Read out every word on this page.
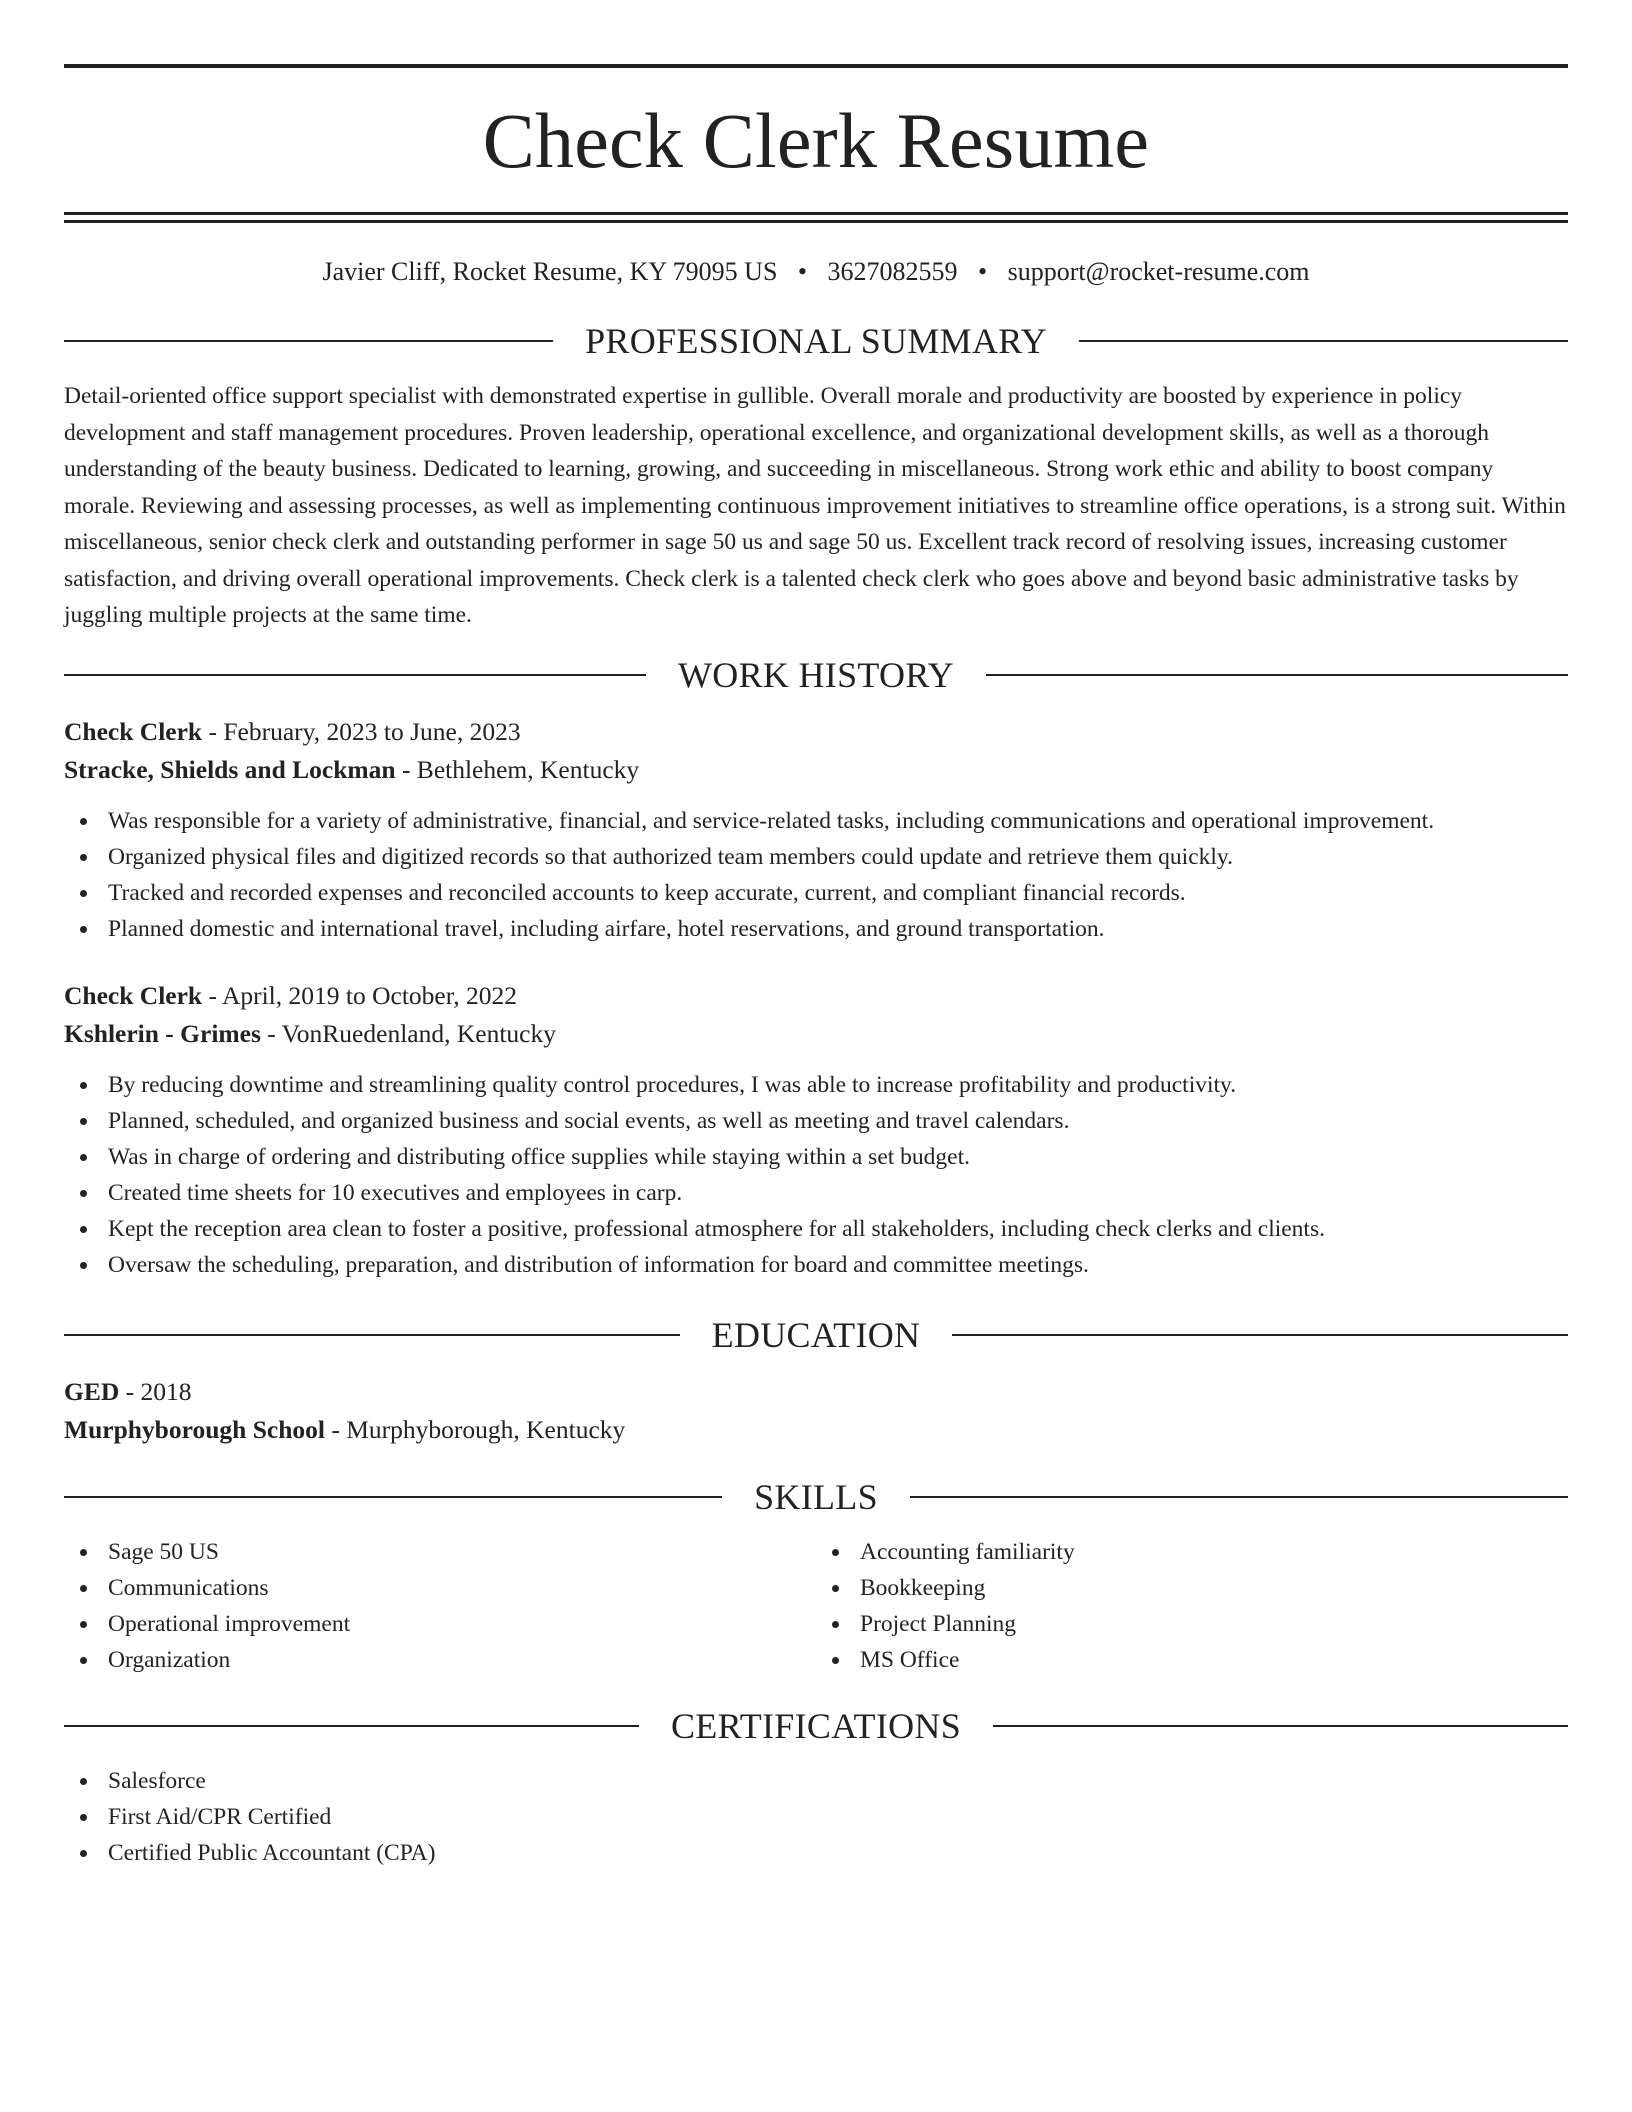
Check Clerk Resume
Javier Cliff, Rocket Resume, KY 79095 US • 3627082559 • support@rocket-resume.com
PROFESSIONAL SUMMARY

Detail-oriented office support specialist with demonstrated expertise in gullible. Overall morale and productivity are boosted by experience in policy development and staff management procedures. Proven leadership, operational excellence, and organizational development skills, as well as a thorough understanding of the beauty business. Dedicated to learning, growing, and succeeding in miscellaneous. Strong work ethic and ability to boost company morale. Reviewing and assessing processes, as well as implementing continuous improvement initiatives to streamline office operations, is a strong suit. Within miscellaneous, senior check clerk and outstanding performer in sage 50 us and sage 50 us. Excellent track record of resolving issues, increasing customer satisfaction, and driving overall operational improvements. Check clerk is a talented check clerk who goes above and beyond basic administrative tasks by juggling multiple projects at the same time.

WORK HISTORY
Check Clerk - February, 2023 to June, 2023
Stracke, Shields and Lockman - Bethlehem, Kentucky
Was responsible for a variety of administrative, financial, and service-related tasks, including communications and operational improvement.
Organized physical files and digitized records so that authorized team members could update and retrieve them quickly.
Tracked and recorded expenses and reconciled accounts to keep accurate, current, and compliant financial records.
Planned domestic and international travel, including airfare, hotel reservations, and ground transportation.
Check Clerk - April, 2019 to October, 2022
Kshlerin - Grimes - VonRuedenland, Kentucky
By reducing downtime and streamlining quality control procedures, I was able to increase profitability and productivity.
Planned, scheduled, and organized business and social events, as well as meeting and travel calendars.
Was in charge of ordering and distributing office supplies while staying within a set budget.
Created time sheets for 10 executives and employees in carp.
Kept the reception area clean to foster a positive, professional atmosphere for all stakeholders, including check clerks and clients.
Oversaw the scheduling, preparation, and distribution of information for board and committee meetings.
EDUCATION
GED - 2018
Murphyborough School - Murphyborough, Kentucky
SKILLS
Sage 50 US
Communications
Operational improvement
Organization
Accounting familiarity
Bookkeeping
Project Planning
MS Office
CERTIFICATIONS
Salesforce
First Aid/CPR Certified
Certified Public Accountant (CPA)
